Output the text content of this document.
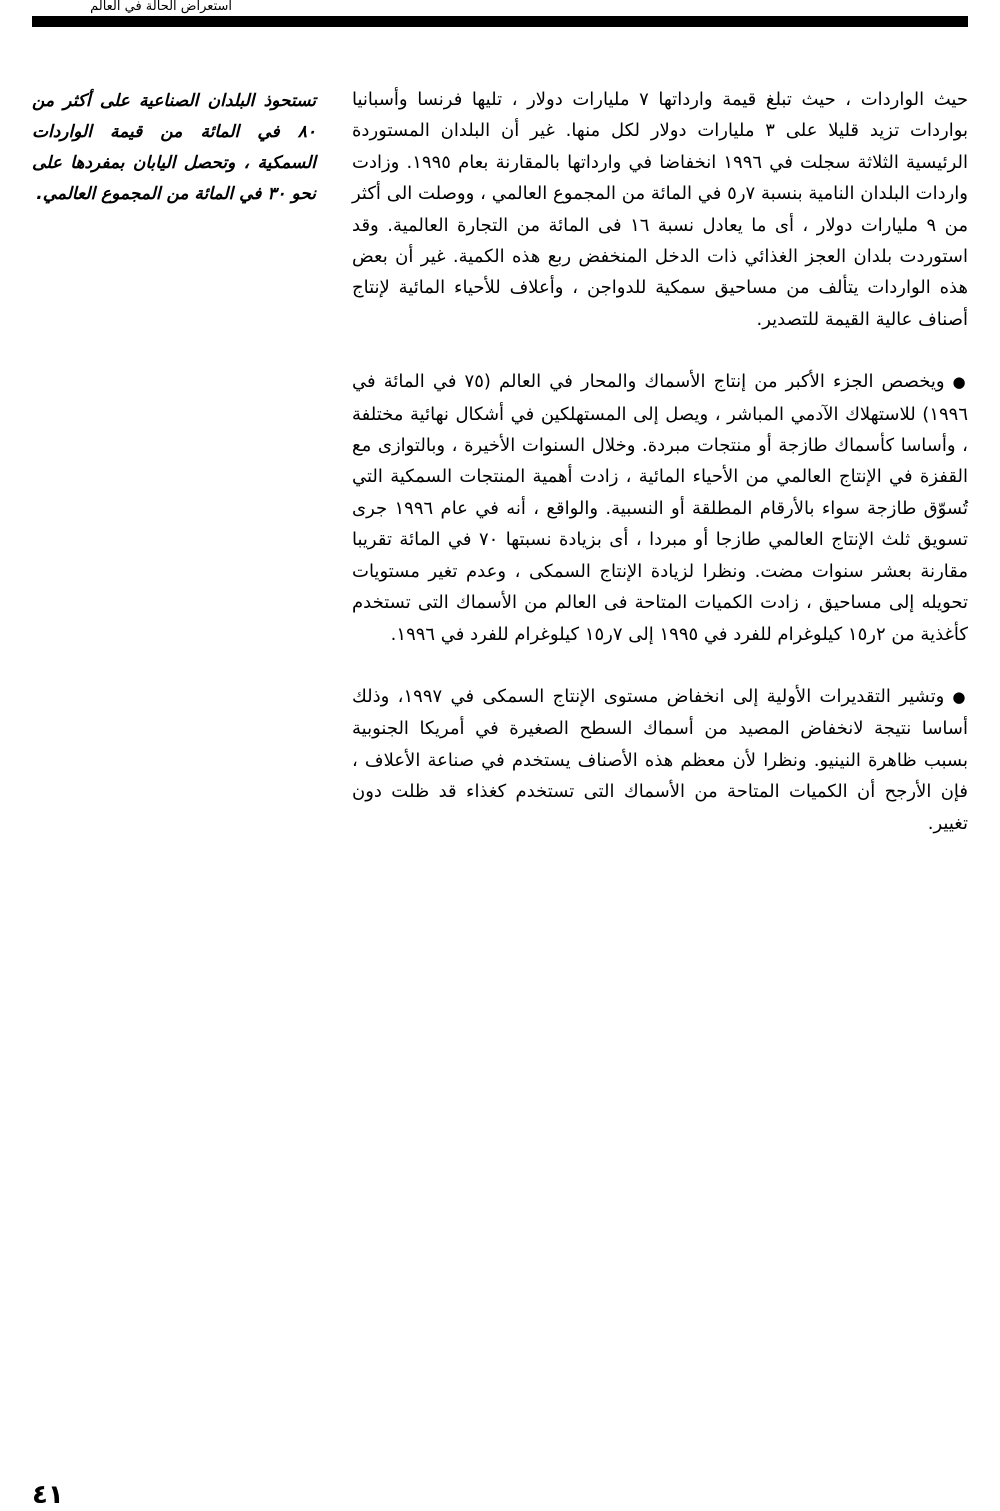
استعراض الحالة في العالم

حيث الواردات ، حيث تبلغ قيمة وارداتها ٧ مليارات دولار ، تليها فرنسا وأسبانيا بواردات تزيد قليلا على ٣ مليارات دولار لكل منها. غير أن البلدان المستوردة الرئيسية الثلاثة سجلت في ١٩٩٦ انخفاضا في وارداتها بالمقارنة بعام ١٩٩٥. وزادت واردات البلدان النامية بنسبة ٧ر٥ في المائة من المجموع العالمي ، ووصلت الى أكثر من ٩ مليارات دولار ، أى ما يعادل نسبة ١٦ فى المائة من التجارة العالمية. وقد استوردت بلدان العجز الغذائي ذات الدخل المنخفض ربع هذه الكمية. غير أن بعض هذه الواردات يتألف من مساحيق سمكية للدواجن ، وأعلاف للأحياء المائية لإنتاج أصناف عالية القيمة للتصدير.

●ويخصص الجزء الأكبر من إنتاج الأسماك والمحار في العالم (٧٥ في المائة في ١٩٩٦) للاستهلاك الآدمي المباشر ، ويصل إلى المستهلكين في أشكال نهائية مختلفة ، وأساسا كأسماك طازجة أو منتجات مبردة. وخلال السنوات الأخيرة ، وبالتوازى مع القفزة في الإنتاج العالمي من الأحياء المائية ، زادت أهمية المنتجات السمكية التي تُسوّق طازجة سواء بالأرقام المطلقة أو النسبية. والواقع ، أنه في عام ١٩٩٦ جرى تسويق ثلث الإنتاج العالمي طازجا أو مبردا ، أى بزيادة نسبتها ٧٠ في المائة تقريبا مقارنة بعشر سنوات مضت. ونظرا لزيادة الإنتاج السمكى ، وعدم تغير مستويات تحويله إلى مساحيق ، زادت الكميات المتاحة فى العالم من الأسماك التى تستخدم كأغذية من ٢ر١٥ كيلوغرام للفرد في ١٩٩٥ إلى ٧ر١٥ كيلوغرام للفرد في ١٩٩٦.

●وتشير التقديرات الأولية إلى انخفاض مستوى الإنتاج السمكى في ١٩٩٧، وذلك أساسا نتيجة لانخفاض المصيد من أسماك السطح الصغيرة في أمريكا الجنوبية بسبب ظاهرة النينيو. ونظرا لأن معظم هذه الأصناف يستخدم في صناعة الأعلاف ، فإن الأرجح أن الكميات المتاحة من الأسماك التى تستخدم كغذاء قد ظلت دون تغيير.

تستحوذ البلدان الصناعية على أكثر من ٨٠ في المائة من قيمة الواردات السمكية ، وتحصل اليابان بمفردها على نحو ٣٠ في المائة من المجموع العالمي.

٤١
